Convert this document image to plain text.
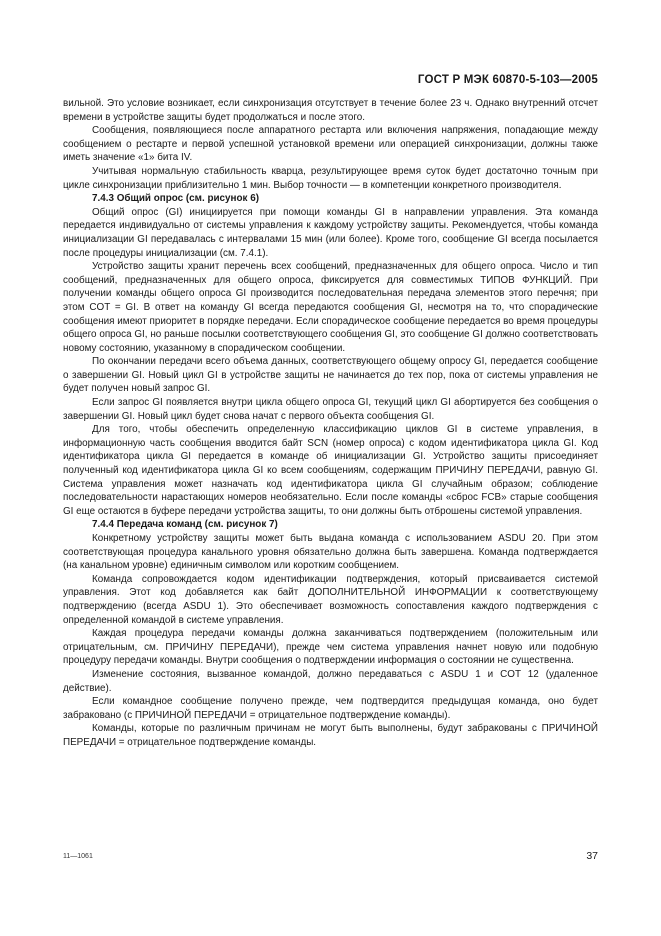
ГОСТ Р МЭК 60870-5-103—2005

вильной. Это условие возникает, если синхронизация отсутствует в течение более 23 ч. Однако внутренний отсчет времени в устройстве защиты будет продолжаться и после этого.

Сообщения, появляющиеся после аппаратного рестарта или включения напряжения, попадающие между сообщением о рестарте и первой успешной установкой времени или операцией синхронизации, должны также иметь значение «1» бита IV.

Учитывая нормальную стабильность кварца, результирующее время суток будет достаточно точным при цикле синхронизации приблизительно 1 мин. Выбор точности — в компетенции конкретного производителя.

7.4.3 Общий опрос (см. рисунок 6)

Общий опрос (GI) инициируется при помощи команды GI в направлении управления. Эта команда передается индивидуально от системы управления к каждому устройству защиты. Рекомендуется, чтобы команда инициализации GI передавалась с интервалами 15 мин (или более). Кроме того, сообщение GI всегда посылается после процедуры инициализации (см. 7.4.1).

Устройство защиты хранит перечень всех сообщений, предназначенных для общего опроса. Число и тип сообщений, предназначенных для общего опроса, фиксируется для совместимых ТИПОВ ФУНКЦИЙ. При получении команды общего опроса GI производится последовательная передача элементов этого перечня; при этом COT = GI. В ответ на команду GI всегда передаются сообщения GI, несмотря на то, что спорадические сообщения имеют приоритет в порядке передачи. Если спорадическое сообщение передается во время процедуры общего опроса GI, но раньше посылки соответствующего сообщения GI, это сообщение GI должно соответствовать новому состоянию, указанному в спорадическом сообщении.

По окончании передачи всего объема данных, соответствующего общему опросу GI, передается сообщение о завершении GI. Новый цикл GI в устройстве защиты не начинается до тех пор, пока от системы управления не будет получен новый запрос GI.

Если запрос GI появляется внутри цикла общего опроса GI, текущий цикл GI абортируется без сообщения о завершении GI. Новый цикл будет снова начат с первого объекта сообщения GI.

Для того, чтобы обеспечить определенную классификацию циклов GI в системе управления, в информационную часть сообщения вводится байт SCN (номер опроса) с кодом идентификатора цикла GI. Код идентификатора цикла GI передается в команде об инициализации GI. Устройство защиты присоединяет полученный код идентификатора цикла GI ко всем сообщениям, содержащим ПРИЧИНУ ПЕРЕДАЧИ, равную GI. Система управления может назначать код идентификатора цикла GI случайным образом; соблюдение последовательности нарастающих номеров необязательно. Если после команды «сброс FCB» старые сообщения GI еще остаются в буфере передачи устройства защиты, то они должны быть отброшены системой управления.

7.4.4 Передача команд (см. рисунок 7)

Конкретному устройству защиты может быть выдана команда с использованием ASDU 20. При этом соответствующая процедура канального уровня обязательно должна быть завершена. Команда подтверждается (на канальном уровне) единичным символом или коротким сообщением.

Команда сопровождается кодом идентификации подтверждения, который присваивается системой управления. Этот код добавляется как байт ДОПОЛНИТЕЛЬНОЙ ИНФОРМАЦИИ к соответствующему подтверждению (всегда ASDU 1). Это обеспечивает возможность сопоставления каждого подтверждения с определенной командой в системе управления.

Каждая процедура передачи команды должна заканчиваться подтверждением (положительным или отрицательным, см. ПРИЧИНУ ПЕРЕДАЧИ), прежде чем система управления начнет новую или подобную процедуру передачи команды. Внутри сообщения о подтверждении информация о состоянии не существенна.

Изменение состояния, вызванное командой, должно передаваться с ASDU 1 и COT 12 (удаленное действие).

Если командное сообщение получено прежде, чем подтвердится предыдущая команда, оно будет забраковано (с ПРИЧИНОЙ ПЕРЕДАЧИ = отрицательное подтверждение команды).

Команды, которые по различным причинам не могут быть выполнены, будут забракованы с ПРИЧИНОЙ ПЕРЕДАЧИ = отрицательное подтверждение команды.

11—1061	37
